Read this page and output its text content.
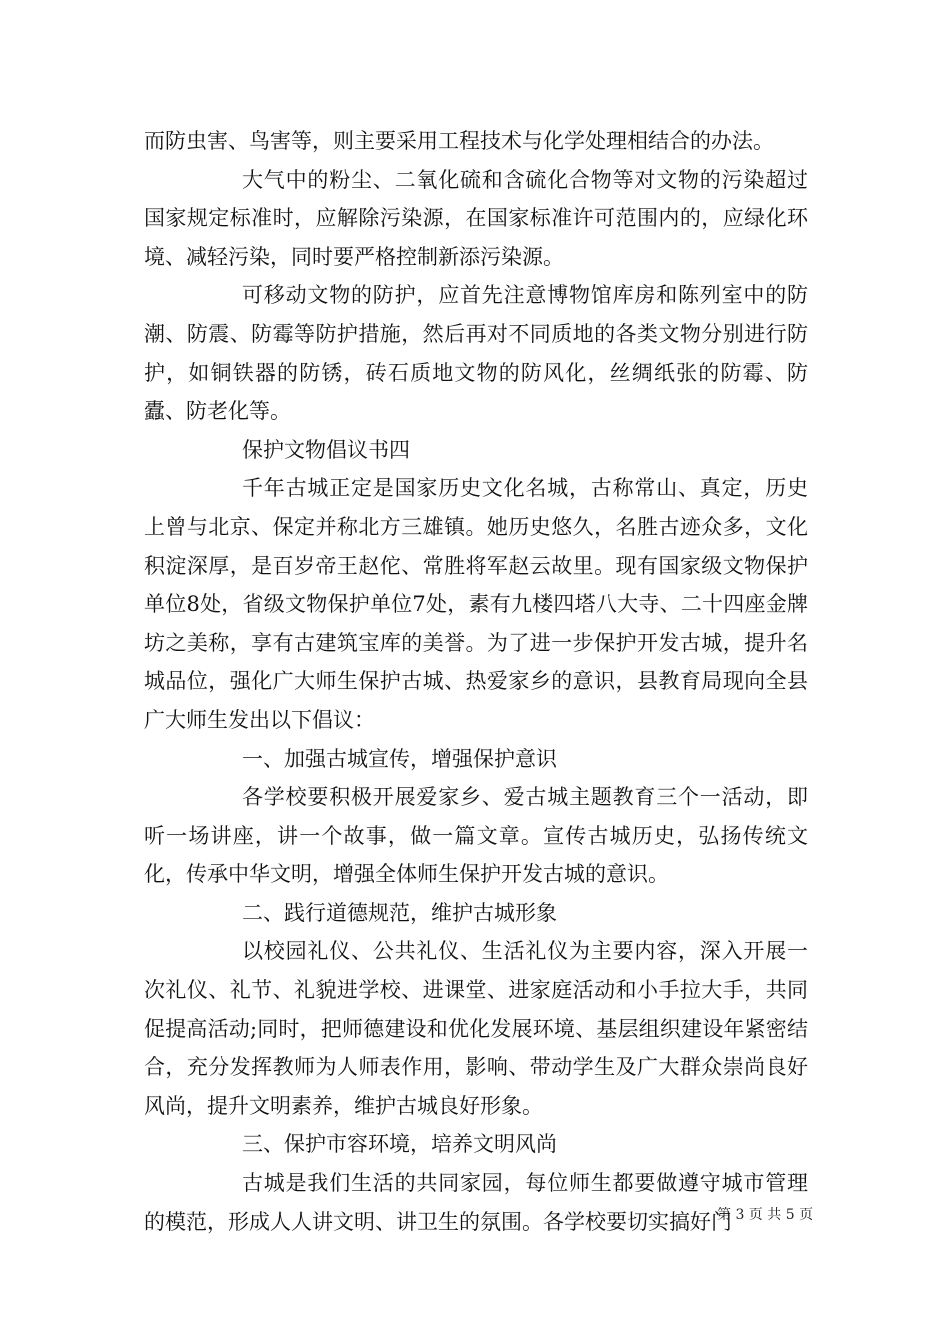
而防虫害、鸟害等，则主要采用工程技术与化学处理相结合的办法。

大气中的粉尘、二氧化硫和含硫化合物等对文物的污染超过国家规定标准时，应解除污染源，在国家标准许可范围内的，应绿化环境、减轻污染，同时要严格控制新添污染源。

可移动文物的防护，应首先注意博物馆库房和陈列室中的防潮、防震、防霉等防护措施，然后再对不同质地的各类文物分别进行防护，如铜铁器的防锈，砖石质地文物的防风化，丝绸纸张的防霉、防蠹、防老化等。

保护文物倡议书四

千年古城正定是国家历史文化名城，古称常山、真定，历史上曾与北京、保定并称北方三雄镇。她历史悠久，名胜古迹众多，文化积淀深厚，是百岁帝王赵佗、常胜将军赵云故里。现有国家级文物保护单位8处，省级文物保护单位7处，素有九楼四塔八大寺、二十四座金牌坊之美称，享有古建筑宝库的美誉。为了进一步保护开发古城，提升名城品位，强化广大师生保护古城、热爱家乡的意识，县教育局现向全县广大师生发出以下倡议：

一、加强古城宣传，增强保护意识

各学校要积极开展爱家乡、爱古城主题教育三个一活动，即听一场讲座，讲一个故事，做一篇文章。宣传古城历史，弘扬传统文化，传承中华文明，增强全体师生保护开发古城的意识。

二、践行道德规范，维护古城形象

以校园礼仪、公共礼仪、生活礼仪为主要内容，深入开展一次礼仪、礼节、礼貌进学校、进课堂、进家庭活动和小手拉大手，共同促提高活动;同时，把师德建设和优化发展环境、基层组织建设年紧密结合，充分发挥教师为人师表作用，影响、带动学生及广大群众崇尚良好风尚，提升文明素养，维护古城良好形象。

三、保护市容环境，培养文明风尚

古城是我们生活的共同家园，每位师生都要做遵守城市管理的模范，形成人人讲文明、讲卫生的氛围。各学校要切实搞好门

第 3 页 共 5 页
